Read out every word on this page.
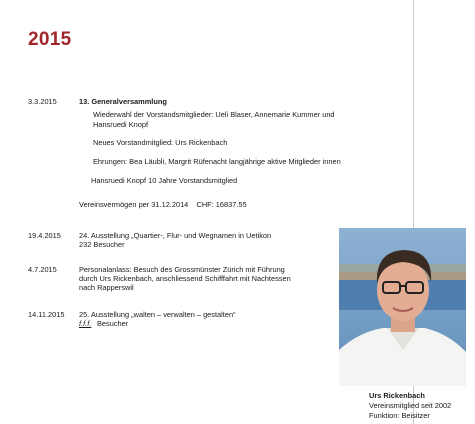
2015
3.3.2015	13. Generalversammlung
Wiederwahl der Vorstandsmitglieder: Ueli Blaser, Annemarie Kummer und
Hansruedi Knopf
Neues Vorstandmitglied: Urs Rickenbach
Ehrungen: Bea Läubli, Margrit Rüfenacht langjährige aktive Mitglieder innen
Hansruedi Knopf 10 Jahre Vorstandsmitglied
Vereinsvermögen per 31.12.2014    CHF: 16837.55
19.4.2015 24. Ausstellung „Quartier-, Flur- und Wegnamen in Uetikon
232 Besucher
4.7.2015	Personalanlass: Besuch des Grossmünster Zürich mit Führung
durch Urs Rickenbach, anschliessend Schifffahrt mit Nachtessen
nach Rapperswil
14.11.2015 25. Ausstellung „walten – verwalten – gestalten“
f.f.f. Besucher
Urs Rickenbach
Vereinsmitglied seit 2002
Funktion: Beisitzer
